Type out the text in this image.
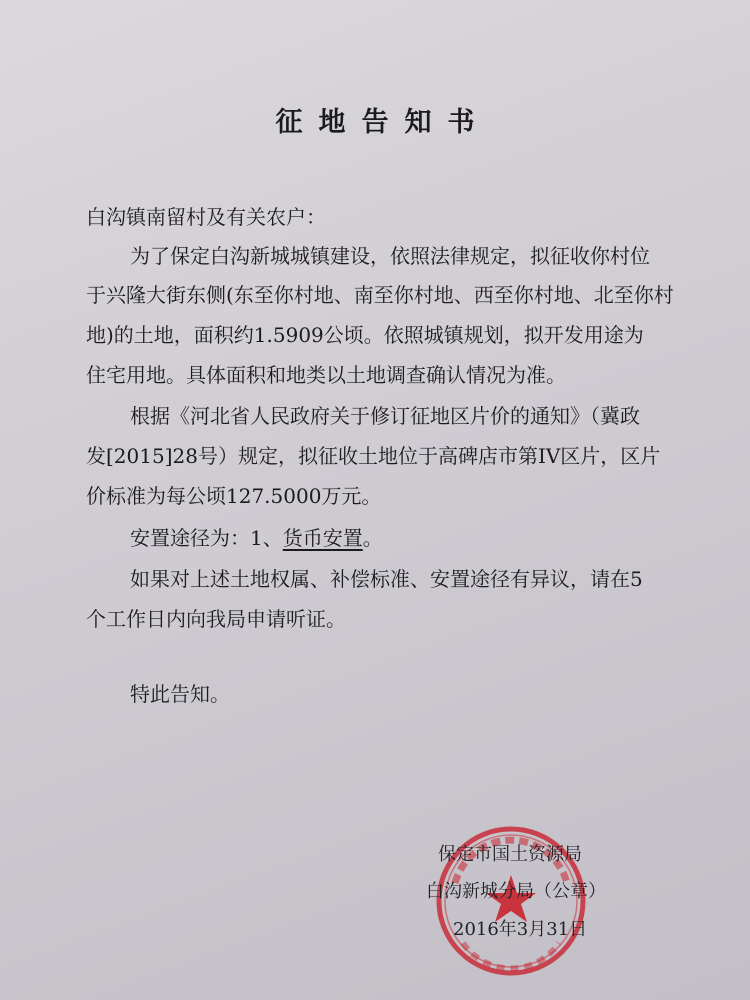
征地告知书
白沟镇南留村及有关农户：
为了保定白沟新城城镇建设，依照法律规定，拟征收你村位
于兴隆大街东侧(东至你村地、南至你村地、西至你村地、北至你村
地)的土地，面积约1.5909公顷。依照城镇规划，拟开发用途为
住宅用地。具体面积和地类以土地调查确认情况为准。
根据《河北省人民政府关于修订征地区片价的通知》（冀政
发[2015]28号）规定，拟征收土地位于高碑店市第IV区片，区片
价标准为每公顷127.5000万元。
安置途径为：1、货币安置。
如果对上述土地权属、补偿标准、安置途径有异议，请在5
个工作日内向我局申请听证。
特此告知。
保定市国土资源局
白沟新城分局（公章）
2016年3月31日
